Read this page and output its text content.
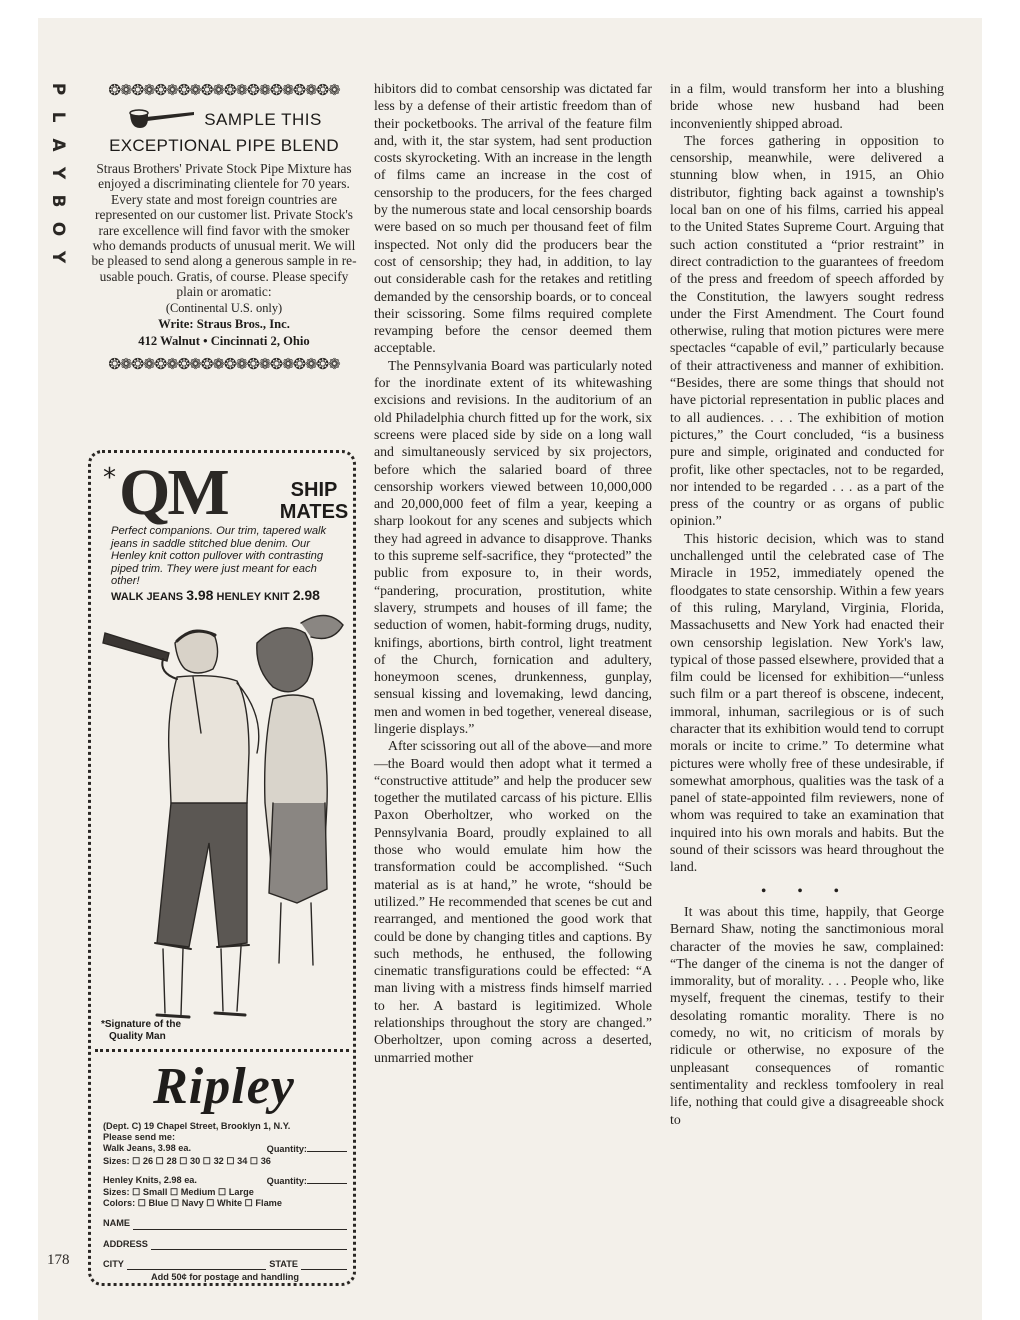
P
L
A
Y
B
O
Y
178
❂❁❂❁❂❁❂❁❂❁❂❁❂❁❂❁❂❁❂❁
SAMPLE THIS
EXCEPTIONAL PIPE BLEND
Straus Brothers' Private Stock Pipe Mixture has enjoyed a discriminating clientele for 70 years. Every state and most foreign countries are represented on our customer list. Private Stock's rare excellence will find favor with the smoker who demands products of unusual merit. We will be pleased to send along a generous sample in re-usable pouch. Gratis, of course. Please specify plain or aromatic:
(Continental U.S. only)
Write: Straus Bros., Inc.
412 Walnut • Cincinnati 2, Ohio
❂❁❂❁❂❁❂❁❂❁❂❁❂❁❂❁❂❁❂❁
* QM	SHIP
MATES
Perfect companions. Our trim, tapered walk jeans in saddle stitched blue denim. Our Henley knit cotton pullover with contrasting piped trim. They were just meant for each other!
WALK JEANS 3.98 HENLEY KNIT 2.98
*Signature of the
Quality Man
Ripley
(Dept. C) 19 Chapel Street, Brooklyn 1, N.Y.
Please send me:
Walk Jeans, 3.98 ea.	Quantity:
Sizes: ☐ 26 ☐ 28 ☐ 30 ☐ 32 ☐ 34 ☐ 36
Henley Knits, 2.98 ea.	Quantity:
Sizes: ☐ Small ☐ Medium ☐ Large
Colors: ☐ Blue ☐ Navy ☐ White ☐ Flame
NAME
ADDRESS
CITY	STATE
Add 50¢ for postage and handling

hibitors did to combat censorship was dictated far less by a defense of their artistic freedom than of their pocketbooks. The arrival of the feature film and, with it, the star system, had sent production costs skyrocketing. With an increase in the length of films came an increase in the cost of censorship to the producers, for the fees charged by the numerous state and local censorship boards were based on so much per thousand feet of film inspected. Not only did the producers bear the cost of censorship; they had, in addition, to lay out considerable cash for the retakes and retitling demanded by the censorship boards, or to conceal their scissoring. Some films required complete revamping before the censor deemed them acceptable.

The Pennsylvania Board was particularly noted for the inordinate extent of its whitewashing excisions and revisions. In the auditorium of an old Philadelphia church fitted up for the work, six screens were placed side by side on a long wall and simultaneously serviced by six projectors, before which the salaried board of three censorship workers viewed between 10,000,000 and 20,000,000 feet of film a year, keeping a sharp lookout for any scenes and subjects which they had agreed in advance to disapprove. Thanks to this supreme self-sacrifice, they “protected” the public from exposure to, in their words, “pandering, procuration, prostitution, white slavery, strumpets and houses of ill fame; the seduction of women, habit-forming drugs, nudity, knifings, abortions, birth control, light treatment of the Church, fornication and adultery, honeymoon scenes, drunkenness, gunplay, sensual kissing and lovemaking, lewd dancing, men and women in bed together, venereal disease, lingerie displays.”

After scissoring out all of the above—and more—the Board would then adopt what it termed a “constructive attitude” and help the producer sew together the mutilated carcass of his picture. Ellis Paxon Oberholtzer, who worked on the Pennsylvania Board, proudly explained to all those who would emulate him how the transformation could be accomplished. “Such material as is at hand,” he wrote, “should be utilized.” He recommended that scenes be cut and rearranged, and mentioned the good work that could be done by changing titles and captions. By such methods, he enthused, the following cinematic transfigurations could be effected: “A man living with a mistress finds himself married to her. A bastard is legitimized. Whole relationships throughout the story are changed.” Oberholtzer, upon coming across a deserted, unmarried mother

in a film, would transform her into a blushing bride whose new husband had been inconveniently shipped abroad.

The forces gathering in opposition to censorship, meanwhile, were delivered a stunning blow when, in 1915, an Ohio distributor, fighting back against a township's local ban on one of his films, carried his appeal to the United States Supreme Court. Arguing that such action constituted a “prior restraint” in direct contradiction to the guarantees of freedom of the press and freedom of speech afforded by the Constitution, the lawyers sought redress under the First Amendment. The Court found otherwise, ruling that motion pictures were mere spectacles “capable of evil,” particularly because of their attractiveness and manner of exhibition. “Besides, there are some things that should not have pictorial representation in public places and to all audiences. . . . The exhibition of motion pictures,” the Court concluded, “is a business pure and simple, originated and conducted for profit, like other spectacles, not to be regarded, nor intended to be regarded . . . as a part of the press of the country or as organs of public opinion.”

This historic decision, which was to stand unchallenged until the celebrated case of The Miracle in 1952, immediately opened the floodgates to state censorship. Within a few years of this ruling, Maryland, Virginia, Florida, Massachusetts and New York had enacted their own censorship legislation. New York's law, typical of those passed elsewhere, provided that a film could be licensed for exhibition—“unless such film or a part thereof is obscene, indecent, immoral, inhuman, sacrilegious or is of such character that its exhibition would tend to corrupt morals or incite to crime.” To determine what pictures were wholly free of these undesirable, if somewhat amorphous, qualities was the task of a panel of state-appointed film reviewers, none of whom was required to take an examination that inquired into his own morals and habits. But the sound of their scissors was heard throughout the land.

• • •

It was about this time, happily, that George Bernard Shaw, noting the sanctimonious moral character of the movies he saw, complained: “The danger of the cinema is not the danger of immorality, but of morality. . . . People who, like myself, frequent the cinemas, testify to their desolating romantic morality. There is no comedy, no wit, no criticism of morals by ridicule or otherwise, no exposure of the unpleasant consequences of romantic sentimentality and reckless tomfoolery in real life, nothing that could give a disagreeable shock to
